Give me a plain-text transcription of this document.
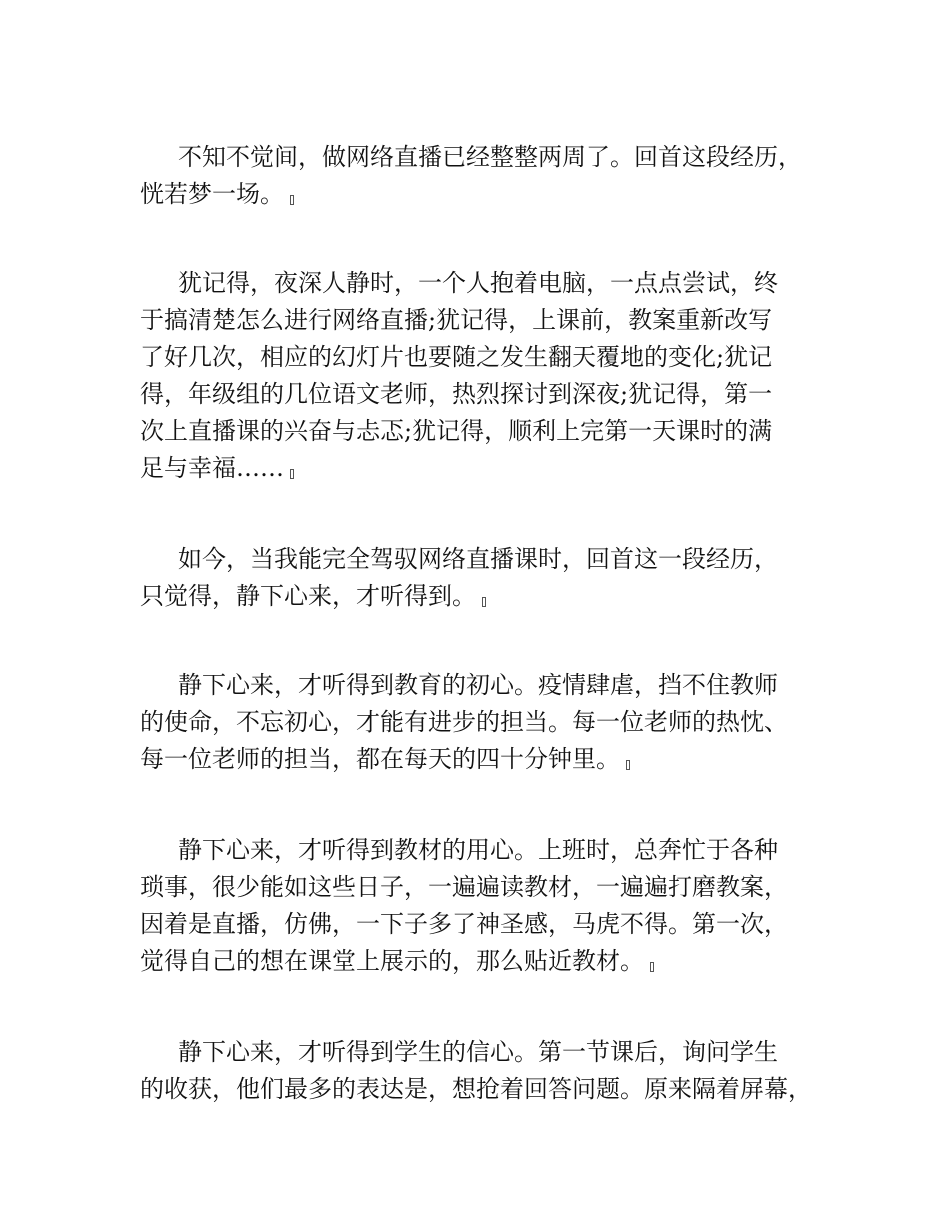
不知不觉间，做网络直播已经整整两周了。回首这段经历，
恍若梦一场。
犹记得，夜深人静时，一个人抱着电脑，一点点尝试，终
于搞清楚怎么进行网络直播;犹记得，上课前，教案重新改写
了好几次，相应的幻灯片也要随之发生翻天覆地的变化;犹记
得，年级组的几位语文老师，热烈探讨到深夜;犹记得，第一
次上直播课的兴奋与忐忑;犹记得，顺利上完第一天课时的满
足与幸福……
如今，当我能完全驾驭网络直播课时，回首这一段经历，
只觉得，静下心来，才听得到。
静下心来，才听得到教育的初心。疫情肆虐，挡不住教师
的使命，不忘初心，才能有进步的担当。每一位老师的热忱、
每一位老师的担当，都在每天的四十分钟里。
静下心来，才听得到教材的用心。上班时，总奔忙于各种
琐事，很少能如这些日子，一遍遍读教材，一遍遍打磨教案，
因着是直播，仿佛，一下子多了神圣感，马虎不得。第一次，
觉得自己的想在课堂上展示的，那么贴近教材。
静下心来，才听得到学生的信心。第一节课后，询问学生
的收获，他们最多的表达是，想抢着回答问题。原来隔着屏幕，
